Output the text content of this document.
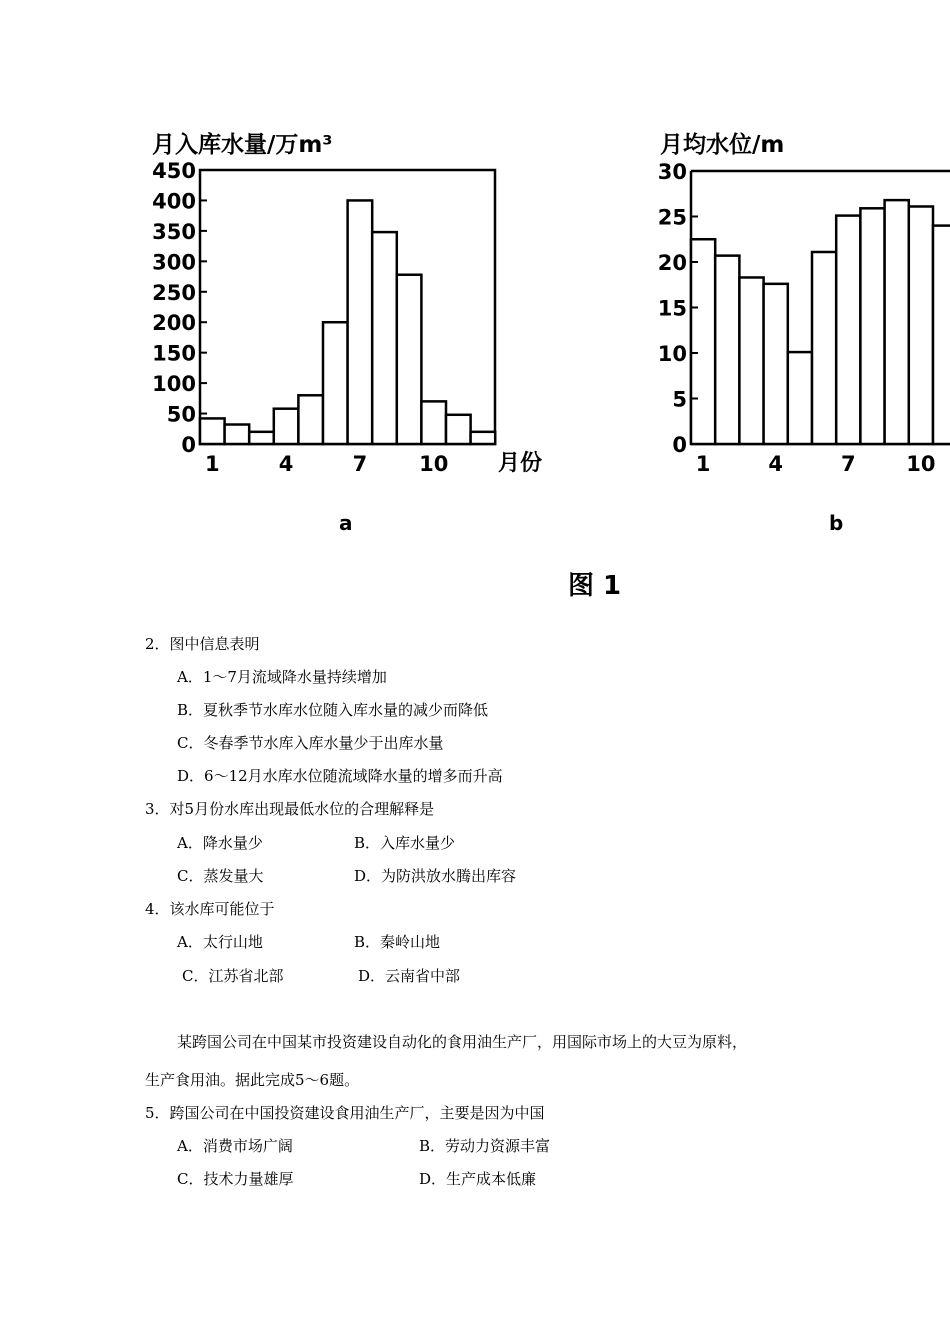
月入库水量/万m³
0
50
100
150
200
250
300
350
400
450
1	4	7 10 月份
a
月均水位/m
0
5
10
15
20
25
30
1	4	7 10
b
图 1
2．图中信息表明
A．1～7月流域降水量持续增加
B．夏秋季节水库水位随入库水量的减少而降低
C．冬春季节水库入库水量少于出库水量
D．6～12月水库水位随流域降水量的增多而升高
3．对5月份水库出现最低水位的合理解释是
A．降水量少	B．入库水量少
C．蒸发量大	D．为防洪放水腾出库容
4．该水库可能位于
A．太行山地	B．秦岭山地
C．江苏省北部	D．云南省中部
某跨国公司在中国某市投资建设自动化的食用油生产厂，用国际市场上的大豆为原料，
生产食用油。据此完成5～6题。
5．跨国公司在中国投资建设食用油生产厂，主要是因为中国
A．消费市场广阔	B．劳动力资源丰富
C．技术力量雄厚	D．生产成本低廉
